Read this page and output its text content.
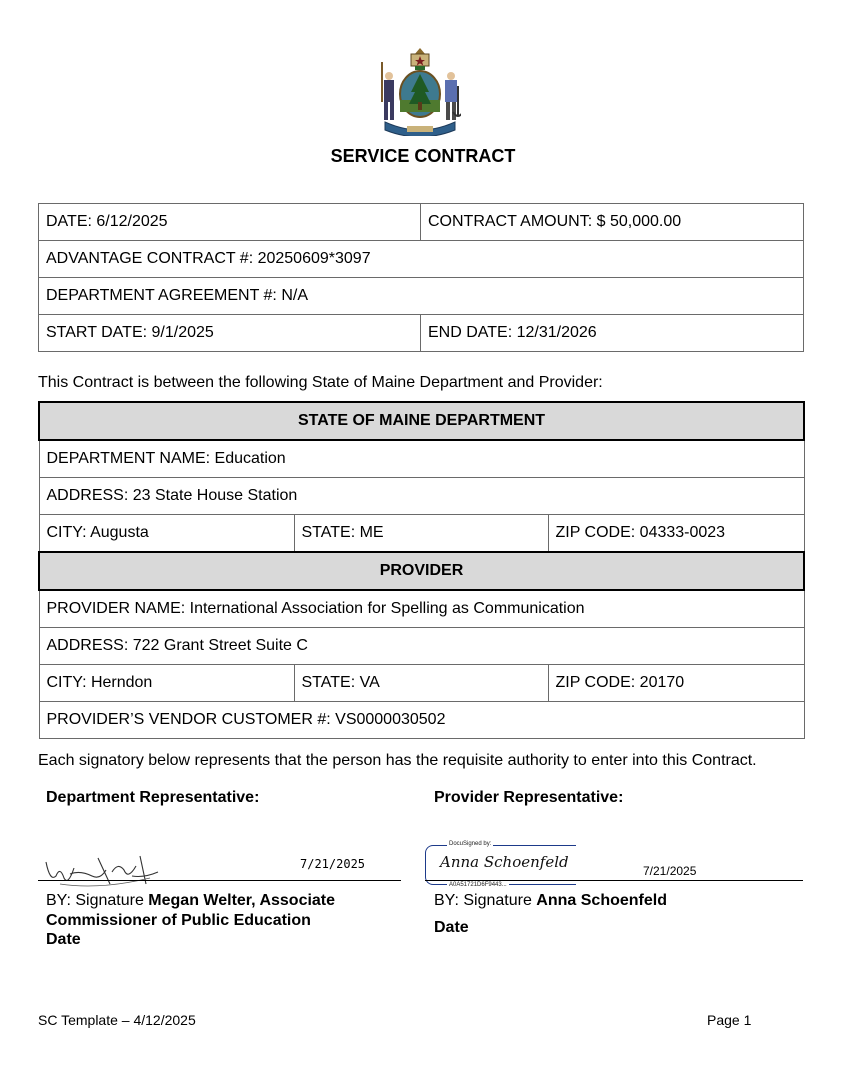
SERVICE CONTRACT
DATE: 6/12/2025	CONTRACT AMOUNT: $ 50,000.00
ADVANTAGE CONTRACT #: 20250609*3097	
DEPARTMENT AGREEMENT #: N/A	
START DATE: 9/1/2025	END DATE: 12/31/2026
This Contract is between the following State of Maine Department and Provider:
STATE OF MAINE DEPARTMENT		
DEPARTMENT NAME: Education		
ADDRESS: 23 State House Station		
CITY: Augusta	STATE: ME	ZIP CODE: 04333-0023
PROVIDER		
PROVIDER NAME: International Association for Spelling as Communication		
ADDRESS: 722 Grant Street Suite C		
CITY: Herndon	STATE: VA	ZIP CODE: 20170
PROVIDER’S VENDOR CUSTOMER #: VS0000030502		
Each signatory below represents that the person has the requisite authority to enter into this Contract.
Department Representative:
7/21/2025
BY: Signature Megan Welter, Associate Commissioner of Public Education
Date
Provider Representative:
DocuSigned by:
Anna Schoenfeld
A0A51721D6F9443...
7/21/2025
BY: Signature Anna Schoenfeld
Date
SC Template – 4/12/2025	Page 1
